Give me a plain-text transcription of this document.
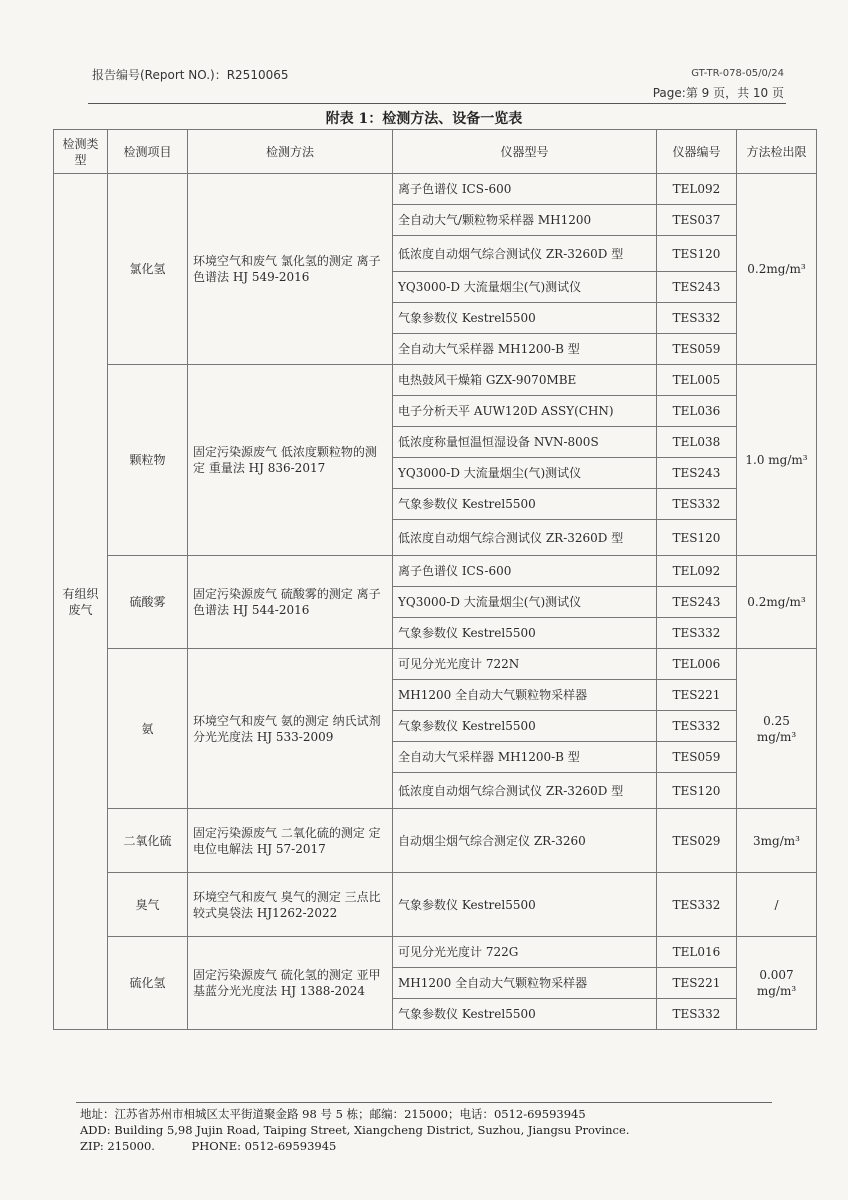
报告编号(Report NO.)：R2510065	GT-TR-078-05/0/24
Page:第 9 页，共 10 页
附表 1：检测方法、设备一览表
检测类型	检测项目	检测方法	仪器型号	仪器编号	方法检出限
有组织废气	氯化氢	环境空气和废气 氯化氢的测定 离子色谱法 HJ 549-2016	离子色谱仪 ICS-600	TEL092	0.2mg/m³
			全自动大气/颗粒物采样器 MH1200	TES037	
			低浓度自动烟气综合测试仪 ZR-3260D 型	TES120	
			YQ3000-D 大流量烟尘(气)测试仪	TES243	
			气象参数仪 Kestrel5500	TES332	
			全自动大气采样器 MH1200-B 型	TES059	
	颗粒物	固定污染源废气 低浓度颗粒物的测定 重量法 HJ 836-2017	电热鼓风干燥箱 GZX-9070MBE	TEL005	1.0 mg/m³
			电子分析天平 AUW120D ASSY(CHN)	TEL036	
			低浓度称量恒温恒湿设备 NVN-800S	TEL038	
			YQ3000-D 大流量烟尘(气)测试仪	TES243	
			气象参数仪 Kestrel5500	TES332	
			低浓度自动烟气综合测试仪 ZR-3260D 型	TES120	
	硫酸雾	固定污染源废气 硫酸雾的测定 离子色谱法 HJ 544-2016	离子色谱仪 ICS-600	TEL092	0.2mg/m³
			YQ3000-D 大流量烟尘(气)测试仪	TES243	
			气象参数仪 Kestrel5500	TES332	
	氨	环境空气和废气 氨的测定 纳氏试剂分光光度法 HJ 533-2009	可见分光光度计 722N	TEL006	0.25 mg/m³
			MH1200 全自动大气颗粒物采样器	TES221	
			气象参数仪 Kestrel5500	TES332	
			全自动大气采样器 MH1200-B 型	TES059	
			低浓度自动烟气综合测试仪 ZR-3260D 型	TES120	
	二氧化硫	固定污染源废气 二氧化硫的测定 定电位电解法 HJ 57-2017	自动烟尘烟气综合测定仪 ZR-3260	TES029	3mg/m³
	臭气	环境空气和废气 臭气的测定 三点比较式臭袋法 HJ1262-2022	气象参数仪 Kestrel5500	TES332	/
	硫化氢	固定污染源废气 硫化氢的测定 亚甲基蓝分光光度法 HJ 1388-2024	可见分光光度计 722G	TEL016	0.007 mg/m³
			MH1200 全自动大气颗粒物采样器	TES221	
			气象参数仪 Kestrel5500	TES332	
地址：江苏省苏州市相城区太平街道聚金路 98 号 5 栋；邮编：215000；电话：0512-69593945
ADD: Building 5,98 Jujin Road, Taiping Street, Xiangcheng District, Suzhou, Jiangsu Province.
ZIP: 215000.          PHONE: 0512-69593945
